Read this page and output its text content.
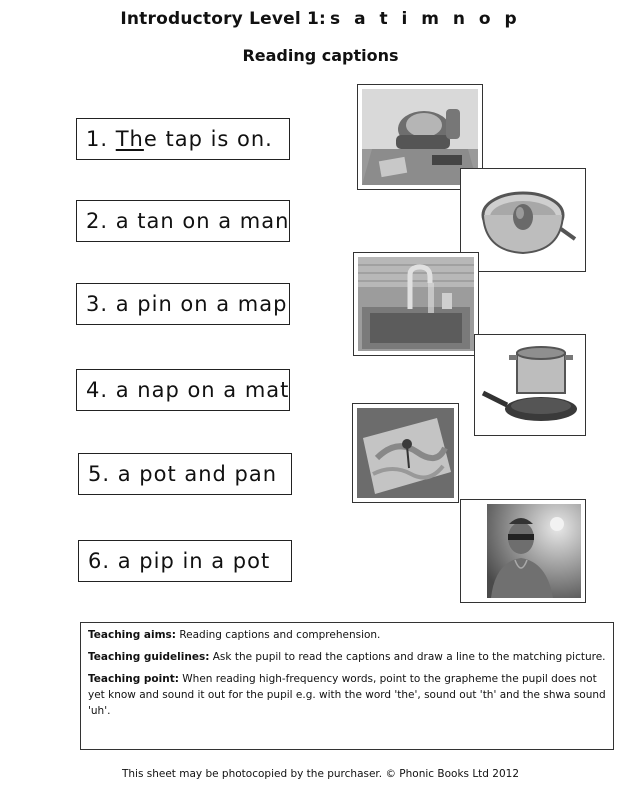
Introductory Level 1: s a t i m n o p
Reading captions
1. The tap is on.
2. a tan on a man
3. a pin on a map
4. a nap on a mat
5. a pot and pan
6. a pip in a pot

Teaching aims: Reading captions and comprehension.

Teaching guidelines: Ask the pupil to read the captions and draw a line to the matching picture.

Teaching point: When reading high-frequency words, point to the grapheme the pupil does not yet know and sound it out for the pupil e.g. with the word 'the', sound out 'th' and the shwa sound 'uh'.

This sheet may be photocopied by the purchaser. © Phonic Books Ltd 2012
